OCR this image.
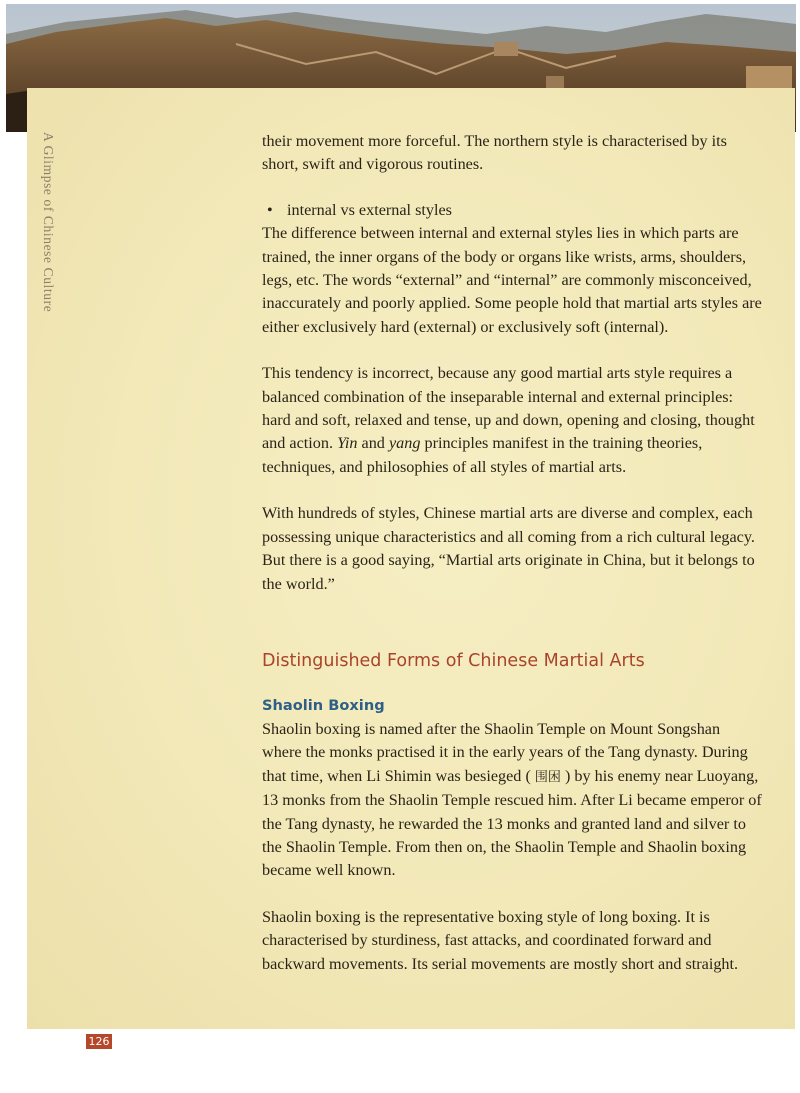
A Glimpse of Chinese Culture	their movement more forceful. The northern style is characterised by its short, swift and vigorous routines.

• internal vs external styles

The difference between internal and external styles lies in which parts are trained, the inner organs of the body or organs like wrists, arms, shoulders, legs, etc. The words “external” and “internal” are commonly misconceived, inaccurately and poorly applied. Some people hold that martial arts styles are either exclusively hard (external) or exclusively soft (internal).

This tendency is incorrect, because any good martial arts style requires a balanced combination of the inseparable internal and external principles: hard and soft, relaxed and tense, up and down, opening and closing, thought and action. Yin and yang principles manifest in the training theories, techniques, and philosophies of all styles of martial arts.

With hundreds of styles, Chinese martial arts are diverse and complex, each possessing unique characteristics and all coming from a rich cultural legacy. But there is a good saying, “Martial arts originate in China, but it belongs to the world.”

Distinguished Forms of Chinese Martial Arts
Shaolin Boxing

Shaolin boxing is named after the Shaolin Temple on Mount Songshan where the monks practised it in the early years of the Tang dynasty. During that time, when Li Shimin was besieged ( 围困 ) by his enemy near Luoyang, 13 monks from the Shaolin Temple rescued him. After Li became emperor of the Tang dynasty, he rewarded the 13 monks and granted land and silver to the Shaolin Temple. From then on, the Shaolin Temple and Shaolin boxing became well known.

Shaolin boxing is the representative boxing style of long boxing. It is characterised by sturdiness, fast attacks, and coordinated forward and backward movements. Its serial movements are mostly short and straight.

126
